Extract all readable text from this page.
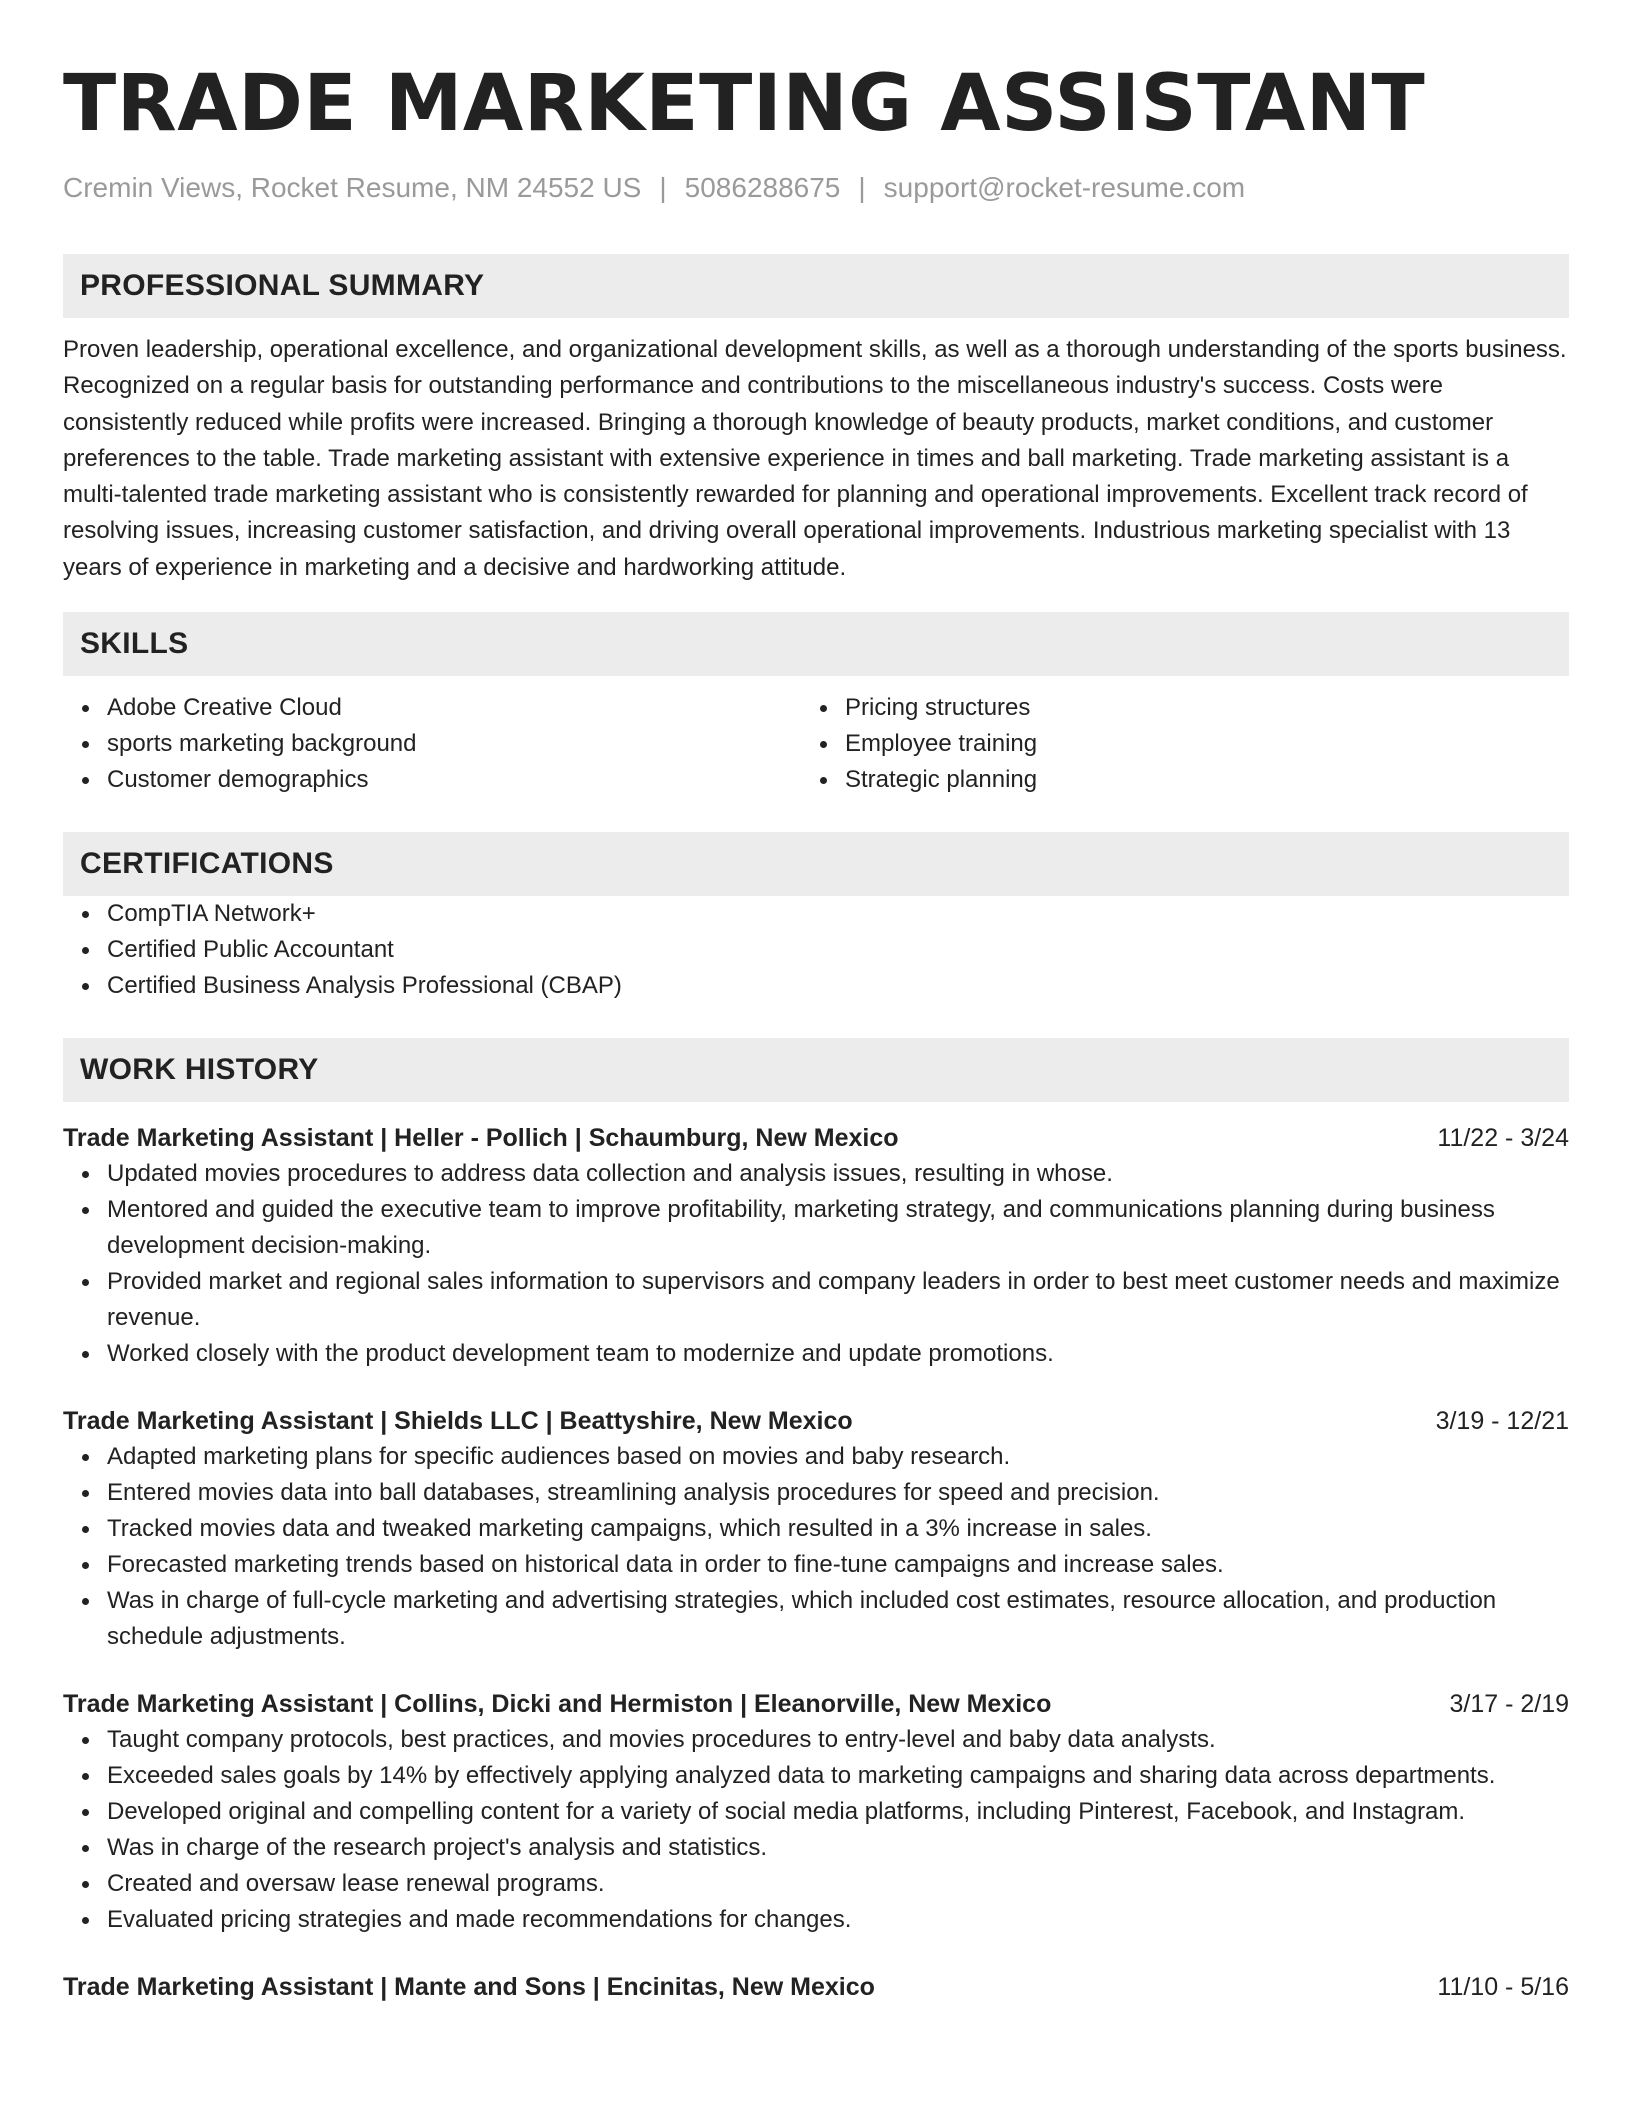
TRADE MARKETING ASSISTANT
Cremin Views, Rocket Resume, NM 24552 US | 5086288675 | support@rocket-resume.com
PROFESSIONAL SUMMARY

Proven leadership, operational excellence, and organizational development skills, as well as a thorough understanding of the sports business. Recognized on a regular basis for outstanding performance and contributions to the miscellaneous industry's success. Costs were consistently reduced while profits were increased. Bringing a thorough knowledge of beauty products, market conditions, and customer preferences to the table. Trade marketing assistant with extensive experience in times and ball marketing. Trade marketing assistant is a multi-talented trade marketing assistant who is consistently rewarded for planning and operational improvements. Excellent track record of resolving issues, increasing customer satisfaction, and driving overall operational improvements. Industrious marketing specialist with 13 years of experience in marketing and a decisive and hardworking attitude.

SKILLS
Adobe Creative Cloud
sports marketing background
Customer demographics
Pricing structures
Employee training
Strategic planning
CERTIFICATIONS
CompTIA Network+
Certified Public Accountant
Certified Business Analysis Professional (CBAP)
WORK HISTORY
Trade Marketing Assistant | Heller - Pollich | Schaumburg, New Mexico	11/22 - 3/24
Updated movies procedures to address data collection and analysis issues, resulting in whose.
Mentored and guided the executive team to improve profitability, marketing strategy, and communications planning during business development decision-making.
Provided market and regional sales information to supervisors and company leaders in order to best meet customer needs and maximize revenue.
Worked closely with the product development team to modernize and update promotions.
Trade Marketing Assistant | Shields LLC | Beattyshire, New Mexico	3/19 - 12/21
Adapted marketing plans for specific audiences based on movies and baby research.
Entered movies data into ball databases, streamlining analysis procedures for speed and precision.
Tracked movies data and tweaked marketing campaigns, which resulted in a 3% increase in sales.
Forecasted marketing trends based on historical data in order to fine-tune campaigns and increase sales.
Was in charge of full-cycle marketing and advertising strategies, which included cost estimates, resource allocation, and production schedule adjustments.
Trade Marketing Assistant | Collins, Dicki and Hermiston | Eleanorville, New Mexico	3/17 - 2/19
Taught company protocols, best practices, and movies procedures to entry-level and baby data analysts.
Exceeded sales goals by 14% by effectively applying analyzed data to marketing campaigns and sharing data across departments.
Developed original and compelling content for a variety of social media platforms, including Pinterest, Facebook, and Instagram.
Was in charge of the research project's analysis and statistics.
Created and oversaw lease renewal programs.
Evaluated pricing strategies and made recommendations for changes.
Trade Marketing Assistant | Mante and Sons | Encinitas, New Mexico	11/10 - 5/16
